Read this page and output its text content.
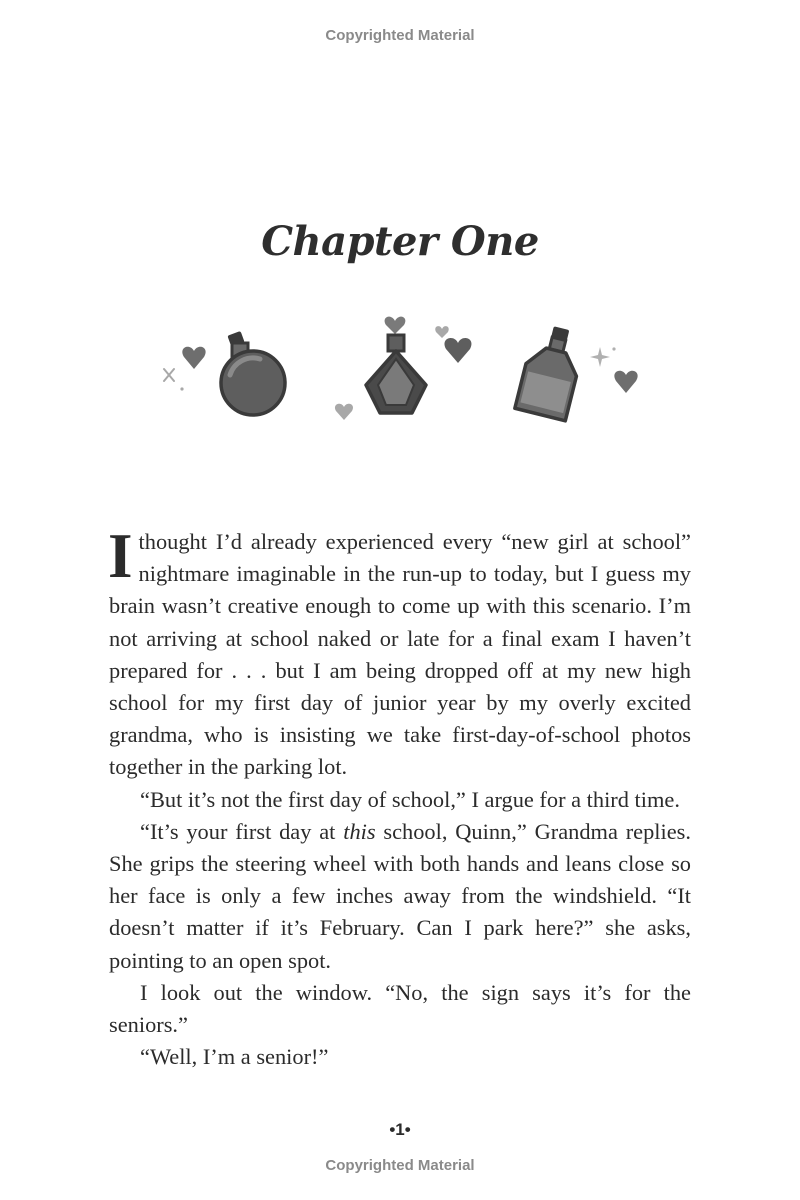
Copyrighted Material
Chapter One

I thought I’d already experienced every “new girl at school” nightmare imaginable in the run-up to today, but I guess my brain wasn’t creative enough to come up with this scenario. I’m not arriving at school naked or late for a final exam I haven’t prepared for . . . but I am being dropped off at my new high school for my first day of junior year by my overly excited grandma, who is insisting we take first-day-of-school photos together in the parking lot.

“But it’s not the first day of school,” I argue for a third time.

“It’s your first day at this school, Quinn,” Grandma replies. She grips the steering wheel with both hands and leans close so her face is only a few inches away from the windshield. “It doesn’t matter if it’s February. Can I park here?” she asks, pointing to an open spot.

I look out the window. “No, the sign says it’s for the seniors.”

“Well, I’m a senior!”

•1•
Copyrighted Material
